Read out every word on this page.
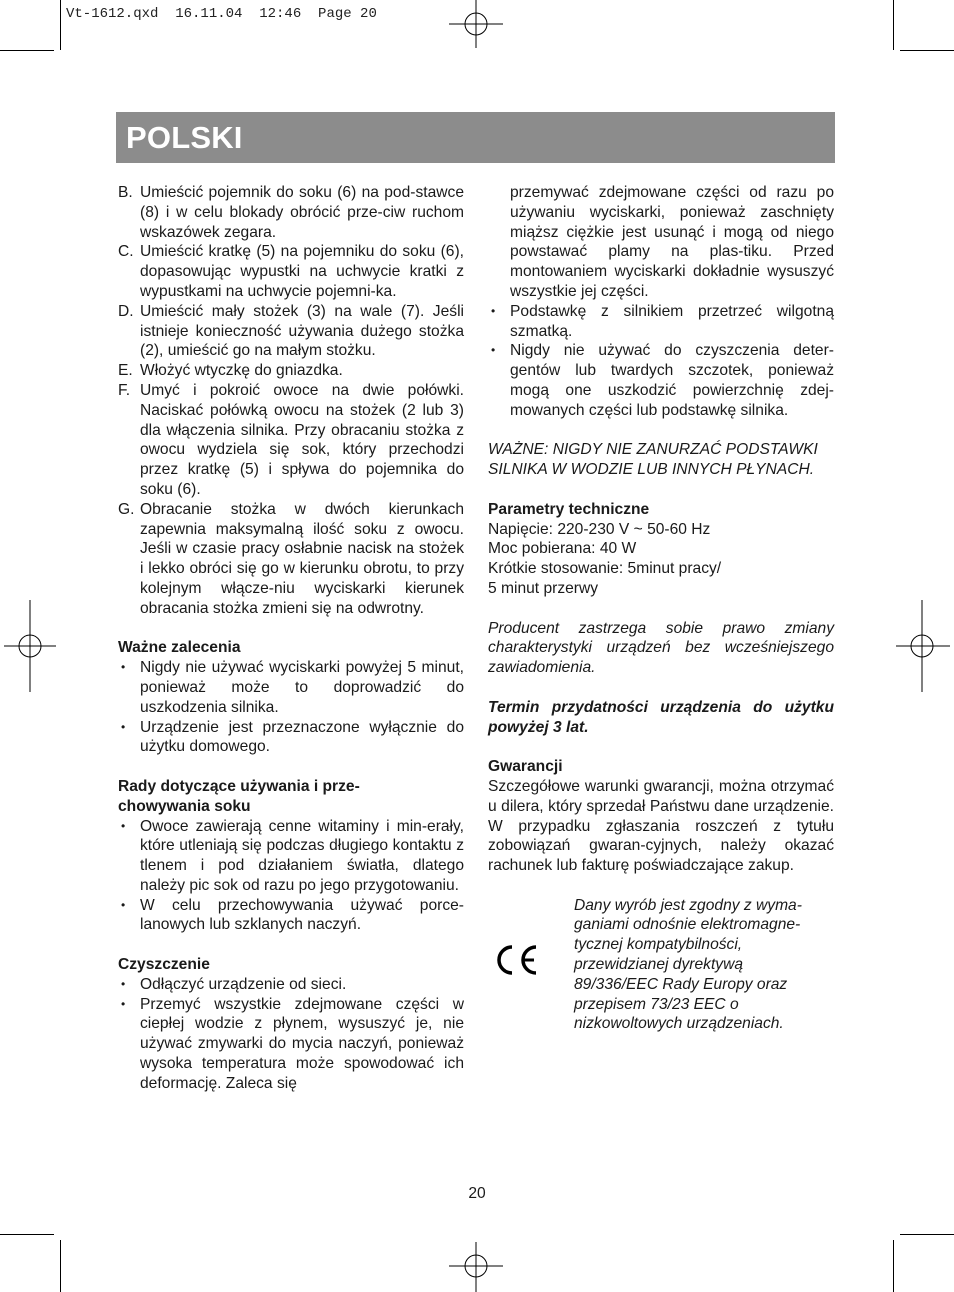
Vt-1612.qxd  16.11.04  12:46  Page 20
POLSKI
B. Umieścić pojemnik do soku (6) na pod-stawce (8) i w celu blokady obrócić prze-ciw ruchom wskazówek zegara.
C. Umieścić kratkę (5) na pojemniku do soku (6), dopasowując wypustki na uchwycie kratki z wypustkami na uchwycie pojemni-ka.
D. Umieścić mały stożek (3) na wale (7). Jeśli istnieje konieczność używania dużego stożka (2), umieścić go na małym stożku.
E. Włożyć wtyczkę do gniazdka.
F. Umyć i pokroić owoce na dwie połówki. Naciskać połówką owocu na stożek (2 lub 3) dla włączenia silnika. Przy obracaniu stożka z owocu wydziela się sok, który przechodzi przez kratkę (5) i spływa do pojemnika do soku (6).
G. Obracanie stożka w dwóch kierunkach zapewnia maksymalną ilość soku z owocu. Jeśli w czasie pracy osłabnie nacisk na stożek i lekko obróci się go w kierunku obrotu, to przy kolejnym włącze-niu wyciskarki kierunek obracania stożka zmieni się na odwrotny.
Ważne zalecenia
• Nigdy nie używać wyciskarki powyżej 5 minut, ponieważ może to doprowadzić do uszkodzenia silnika.
• Urządzenie jest przeznaczone wyłącznie do użytku domowego.
Rady dotyczące używania i prze-
chowywania soku
• Owoce zawierają cenne witaminy i min-erały, które utleniają się podczas długiego kontaktu z tlenem i pod działaniem światła, dlatego należy pic sok od razu po jego przygotowaniu.
• W celu przechowywania używać porce-lanowych lub szklanych naczyń.
Czyszczenie
• Odłączyć urządzenie od sieci.
• Przemyć wszystkie zdejmowane części w ciepłej wodzie z płynem, wysuszyć je, nie używać zmywarki do mycia naczyń, ponieważ wysoka temperatura może spowodować ich deformację. Zaleca się
przemywać zdejmowane części od razu po używaniu wyciskarki, ponieważ zaschnięty miąższ ciężkie jest usunąć i mogą od niego powstawać plamy na plas-tiku. Przed montowaniem wyciskarki dokładnie wysuszyć wszystkie jej części.
• Podstawkę z silnikiem przetrzeć wilgotną szmatką.
• Nigdy nie używać do czyszczenia deter-gentów lub twardych szczotek, ponieważ mogą one uszkodzić powierzchnię zdej-mowanych części lub podstawkę silnika.
WAŻNE: NIGDY NIE ZANURZAĆ PODSTAWKI
SILNIKA W WODZIE LUB INNYCH PŁYNACH.
Parametry techniczne
Napięcie: 220-230 V ~ 50-60 Hz
Moc pobierana: 40 W
Krótkie stosowanie: 5minut pracy/
5 minut przerwy
Producent zastrzega sobie prawo zmiany charakterystyki urządzeń bez wcześniejszego zawiadomienia.
Termin przydatności urządzenia do użytku powyżej 3 lat.
Gwarancji
Szczegółowe warunki gwarancji, można otrzymać u dilera, który sprzedał Państwu dane urządzenie. W przypadku zgłaszania roszczeń z tytułu zobowiązań gwaran-cyjnych, należy okazać rachunek lub fakturę poświadczające zakup.
Dany wyrób jest zgodny z wyma-
ganiami odnośnie elektromagne-
tycznej kompatybilności,
przewidzianej dyrektywą
89/336/EEC Rady Europy oraz
przepisem 73/23 EEC o
nizkowoltowych urządzeniach.
20
